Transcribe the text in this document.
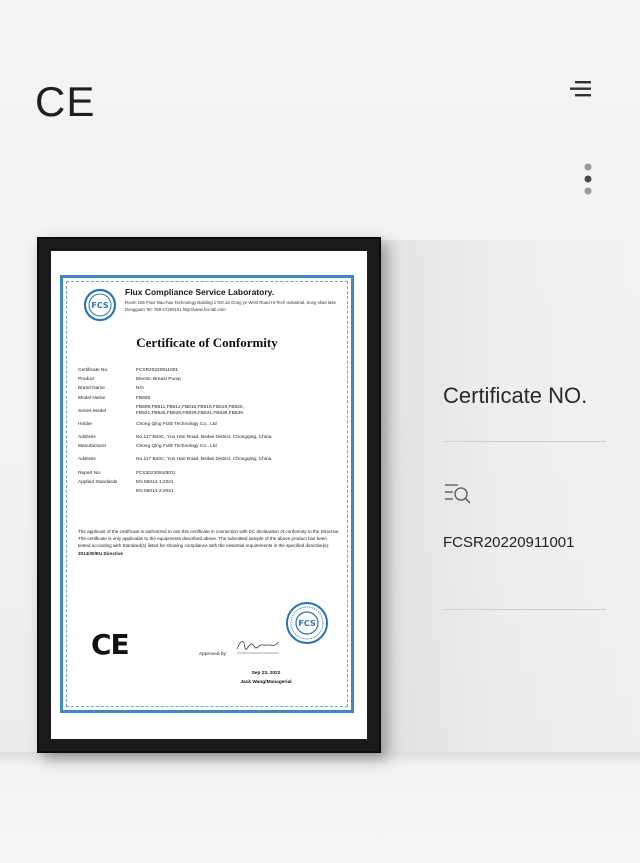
CE
FCS
Flux Compliance Service Laboratory.
Room 105 Floor Bao-hao Technology Building 1 NO.15 Gong ye West Road Hi-Tech Industrial, Song shan lake Dongguan Tel: 769-27250101 http://www.fcs-lab.com
Certificate of Conformity
Certificate No.	FCSR20220911001
Product	Electric Breast Pump
Brand Name	N/A
Model Name	FB608
Series Model
FB609,FB611,FB612,FB615,FB618,FB619,FB620, FB621,FB625,FB628,FB629,FB631,FB635,FB639
Holder	Chong Qing Fullz Technology Co., Ltd
Address	No.117 B43C, Yun Han Road, Beibei District, Chongqing, China.
Manufacturer	Chong Qing Fullz Technology Co., Ltd
Address	No.117 B43C, Yun Han Road, Beibei District, Chongqing, China.
Report No.	FCS20220910E01
Applied Standards	EN 55014-1:2021
EN 55014-2:2021
The applicant of the certificate is authorized to use this certificate in connection with EC declaration of conformity to the Directive. The certificate is only applicable to the equipments described above. The submitted sample of the above product has been tested according with Standard(s) listed for showing compliance with the essential requirements in the specified directive(s): 2014/30/EU Directive
CE	Approved by:
FCS
Sep 23. 2022
Jack Wang/Managerial
Certificate NO.
FCSR20220911001
